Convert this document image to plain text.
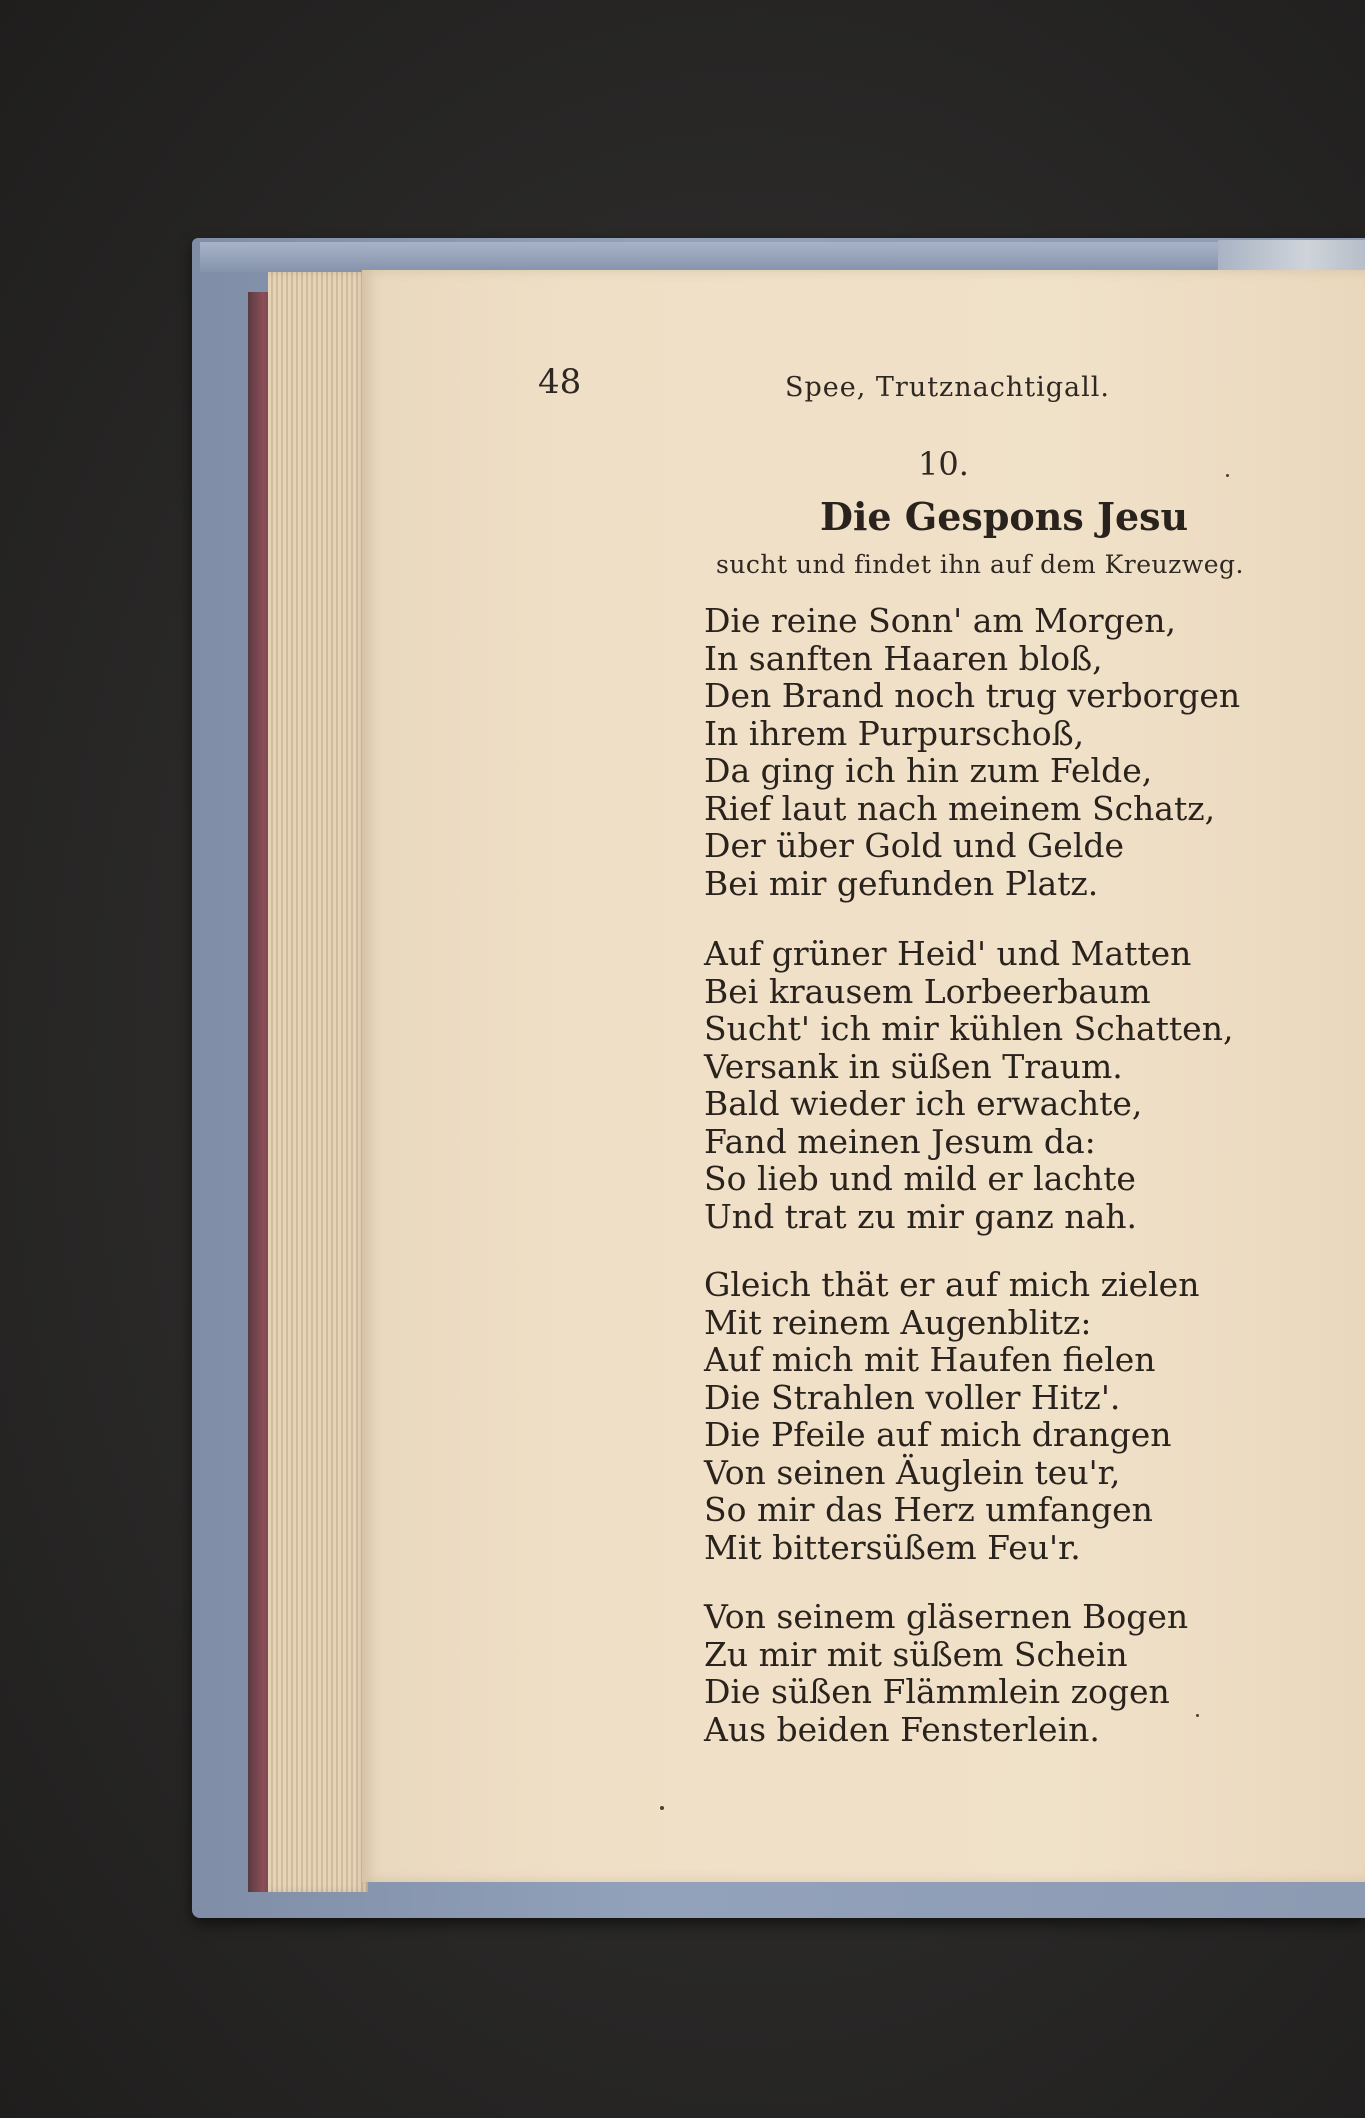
48	Spee, Trutznachtigall.
10.
Die Gespons Jesu
sucht und findet ihn auf dem Kreuzweg.
Die reine Sonn' am Morgen,
In sanften Haaren bloß,
Den Brand noch trug verborgen
In ihrem Purpurschoß,
Da ging ich hin zum Felde,
Rief laut nach meinem Schatz,
Der über Gold und Gelde
Bei mir gefunden Platz.
Auf grüner Heid' und Matten
Bei krausem Lorbeerbaum
Sucht' ich mir kühlen Schatten,
Versank in süßen Traum.
Bald wieder ich erwachte,
Fand meinen Jesum da:
So lieb und mild er lachte
Und trat zu mir ganz nah.
Gleich thät er auf mich zielen
Mit reinem Augenblitz:
Auf mich mit Haufen fielen
Die Strahlen voller Hitz'.
Die Pfeile auf mich drangen
Von seinen Äuglein teu'r,
So mir das Herz umfangen
Mit bittersüßem Feu'r.
Von seinem gläsernen Bogen
Zu mir mit süßem Schein
Die süßen Flämmlein zogen
Aus beiden Fensterlein.
